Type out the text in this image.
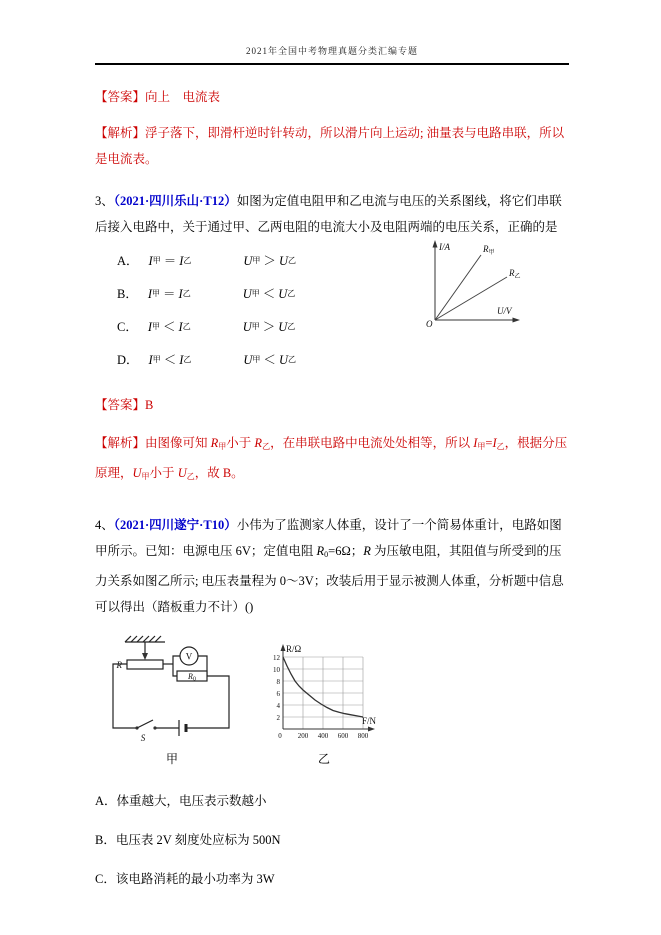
2021年全国中考物理真题分类汇编专题

【答案】向上　电流表

【解析】浮子落下，即滑杆逆时针转动，所以滑片向上运动; 油量表与电路串联，所以是电流表。

3、（2021·四川乐山·T12）如图为定值电阻甲和乙电流与电压的关系图线，将它们串联后接入电路中，关于通过甲、乙两电阻的电流大小及电阻两端的电压关系，正确的是

A． I 甲 ＝ I 乙	U 甲 ＞ U 乙
B． I 甲 ＝ I 乙	U 甲 ＜ U 乙
C． I 甲 ＜ I 乙	U 甲 ＞ U 乙
D． I 甲 ＜ I 乙	U 甲 ＜ U 乙
I/A
U/V
O
$R_甲$
$R_乙$

【答案】B

【解析】由图像可知 $R_甲$小于 $R_乙$，在串联电路中电流处处相等，所以 $I_甲=I_乙$，根据分压原理，$U_甲$小于 $U_乙$，故 B。

4、（2021·四川遂宁·T10）小伟为了监测家人体重，设计了一个简易体重计，电路如图甲所示。已知：电源电压 6V；定值电阻 $R_0=6\Omega$；R 为压敏电阻，其阻值与所受到的压力关系如图乙所示; 电压表量程为 0～3V；改装后用于显示被测人体重，分析题中信息可以得出（踏板重力不计）()

R
V
R0
S
甲
R/Ω
F/N
12
10
8
6
4
2
0 200 400 600 800
乙

A．体重越大，电压表示数越小

B．电压表 2V 刻度处应标为 500N

C．该电路消耗的最小功率为 3W
